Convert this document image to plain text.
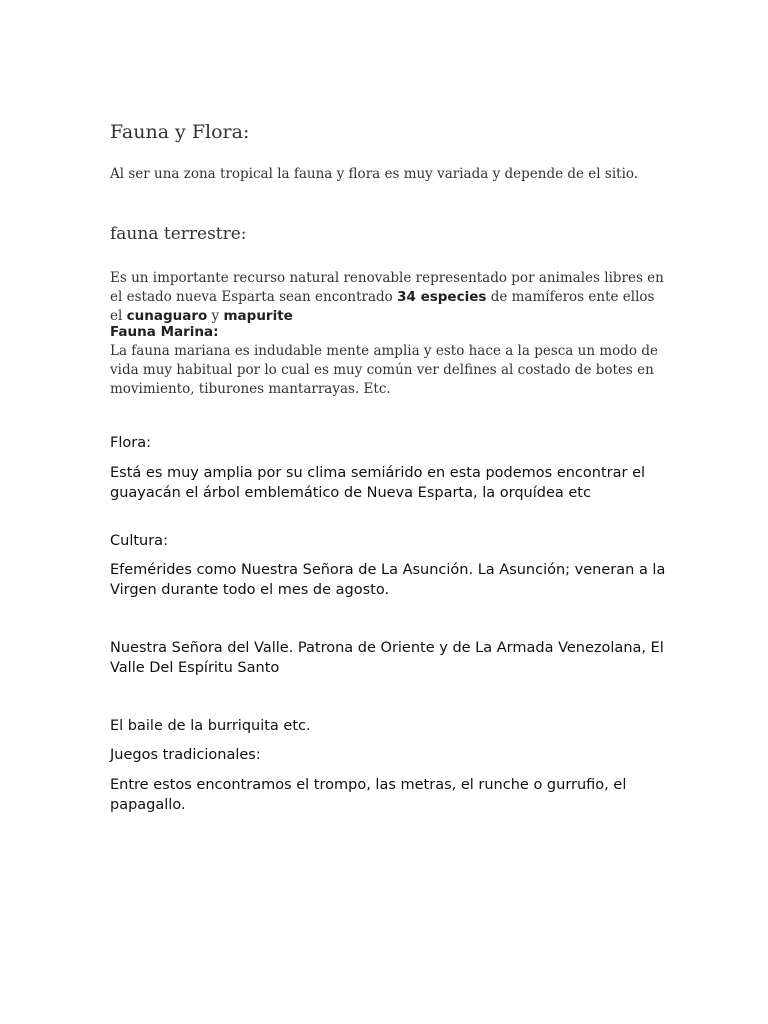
Fauna y Flora:

Al ser una zona tropical la fauna y flora es muy variada y depende de el sitio.

fauna terrestre:

Es un importante recurso natural renovable representado por animales libres en el estado nueva Esparta sean encontrado 34 especies de mamíferos ente ellos el cunaguaro y mapurite

Fauna Marina:

La fauna mariana es indudable mente amplia y esto hace a la pesca un modo de vida muy habitual por lo cual es muy común ver delfines al costado de botes en movimiento, tiburones mantarrayas. Etc.

Flora:

Está es muy amplia por su clima semiárido en esta podemos encontrar el guayacán el árbol emblemático de Nueva Esparta, la orquídea etc

Cultura:

Efemérides como Nuestra Señora de La Asunción. La Asunción; veneran a la Virgen durante todo el mes de agosto.

Nuestra Señora del Valle. Patrona de Oriente y de La Armada Venezolana, El Valle Del Espíritu Santo

El baile de la burriquita etc.

Juegos tradicionales:

Entre estos encontramos el trompo, las metras, el runche o gurrufio, el papagallo.
